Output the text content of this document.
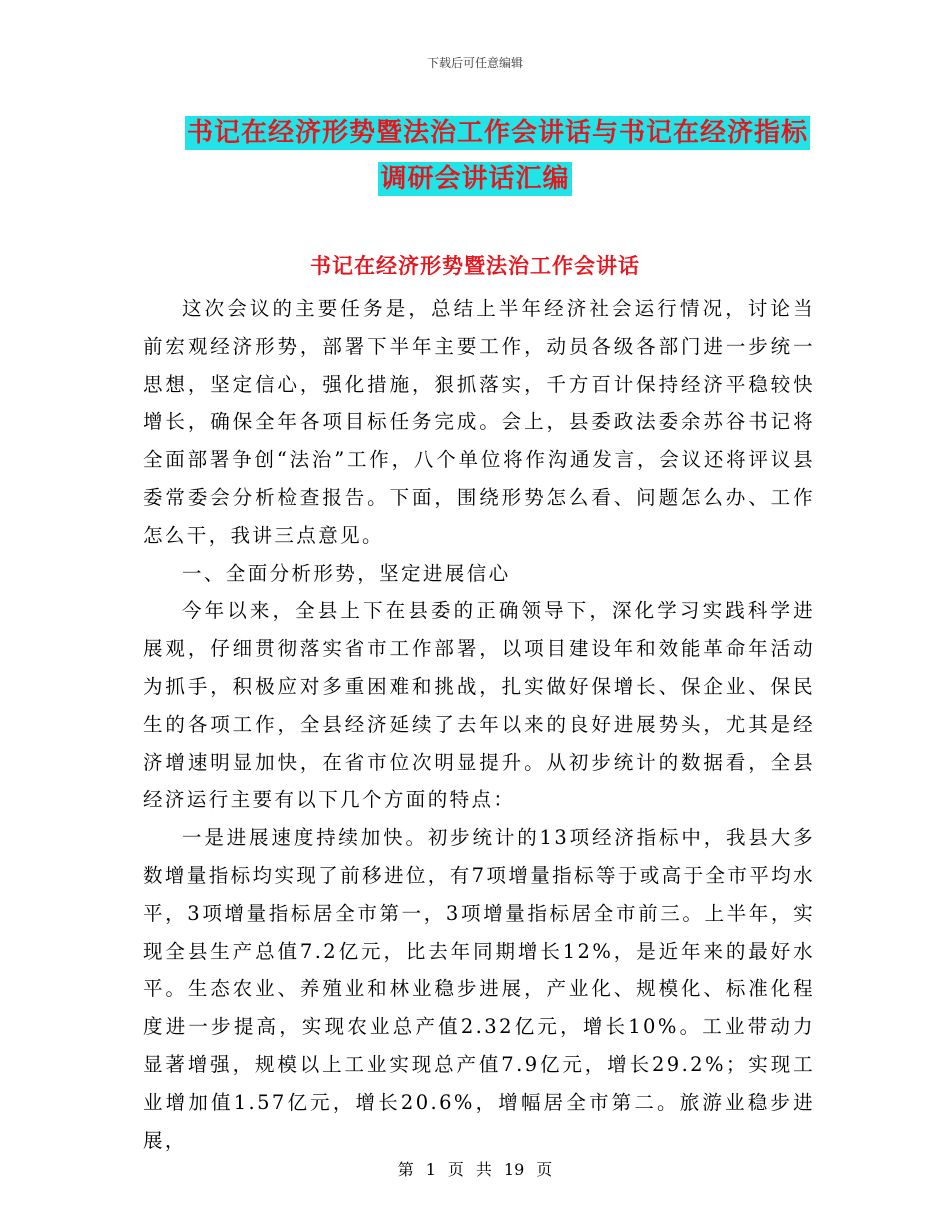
下载后可任意编辑
书记在经济形势暨法治工作会讲话与书记在经济指标
调研会讲话汇编
书记在经济形势暨法治工作会讲话

这次会议的主要任务是，总结上半年经济社会运行情况，讨论当前宏观经济形势，部署下半年主要工作，动员各级各部门进一步统一思想，坚定信心，强化措施，狠抓落实，千方百计保持经济平稳较快增长，确保全年各项目标任务完成。会上，县委政法委余苏谷书记将全面部署争创“法治”工作，八个单位将作沟通发言，会议还将评议县委常委会分析检查报告。下面，围绕形势怎么看、问题怎么办、工作怎么干，我讲三点意见。

一、全面分析形势，坚定进展信心

今年以来，全县上下在县委的正确领导下，深化学习实践科学进展观，仔细贯彻落实省市工作部署，以项目建设年和效能革命年活动为抓手，积极应对多重困难和挑战，扎实做好保增长、保企业、保民生的各项工作，全县经济延续了去年以来的良好进展势头，尤其是经济增速明显加快，在省市位次明显提升。从初步统计的数据看，全县经济运行主要有以下几个方面的特点：

一是进展速度持续加快。初步统计的13项经济指标中，我县大多数增量指标均实现了前移进位，有7项增量指标等于或高于全市平均水平，3项增量指标居全市第一，3项增量指标居全市前三。上半年，实现全县生产总值7.2亿元，比去年同期增长12%，是近年来的最好水平。生态农业、养殖业和林业稳步进展，产业化、规模化、标准化程度进一步提高，实现农业总产值2.32亿元，增长10%。工业带动力显著增强，规模以上工业实现总产值7.9亿元，增长29.2%；实现工业增加值1.57亿元，增长20.6%，增幅居全市第二。旅游业稳步进展，

第 1 页 共 19 页
